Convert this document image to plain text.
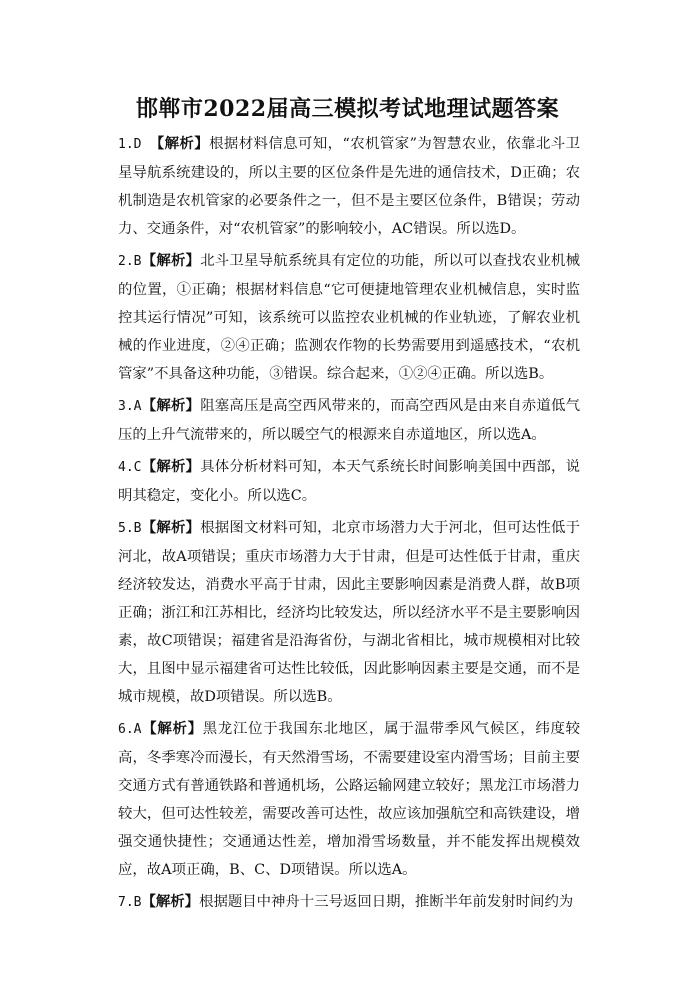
邯郸市2022届高三模拟考试地理试题答案

1.D 【解析】根据材料信息可知，“农机管家”为智慧农业，依靠北斗卫星导航系统建设的，所以主要的区位条件是先进的通信技术，D正确；农机制造是农机管家的必要条件之一，但不是主要区位条件，B错误；劳动力、交通条件，对“农机管家”的影响较小，AC错误。所以选D。

2.B【解析】北斗卫星导航系统具有定位的功能，所以可以查找农业机械的位置，①正确；根据材料信息“它可便捷地管理农业机械信息，实时监控其运行情况”可知，该系统可以监控农业机械的作业轨迹，了解农业机械的作业进度，②④正确；监测农作物的长势需要用到遥感技术，“农机管家”不具备这种功能，③错误。综合起来，①②④正确。所以选B。

3.A【解析】阻塞高压是高空西风带来的，而高空西风是由来自赤道低气压的上升气流带来的，所以暖空气的根源来自赤道地区，所以选A。

4.C【解析】具体分析材料可知，本天气系统长时间影响美国中西部，说明其稳定，变化小。所以选C。

5.B【解析】根据图文材料可知，北京市场潜力大于河北，但可达性低于河北，故A项错误；重庆市场潜力大于甘肃，但是可达性低于甘肃，重庆经济较发达，消费水平高于甘肃，因此主要影响因素是消费人群，故B项正确；浙江和江苏相比，经济均比较发达，所以经济水平不是主要影响因素，故C项错误；福建省是沿海省份，与湖北省相比，城市规模相对比较大，且图中显示福建省可达性比较低，因此影响因素主要是交通，而不是城市规模，故D项错误。所以选B。

6.A【解析】黑龙江位于我国东北地区，属于温带季风气候区，纬度较高，冬季寒冷而漫长，有天然滑雪场，不需要建设室内滑雪场；目前主要交通方式有普通铁路和普通机场，公路运输网建立较好；黑龙江市场潜力较大，但可达性较差，需要改善可达性，故应该加强航空和高铁建设，增强交通快捷性；交通通达性差，增加滑雪场数量，并不能发挥出规模效应，故A项正确，B、C、D项错误。所以选A。

7.B【解析】根据题目中神舟十三号返回日期，推断半年前发射时间约为
